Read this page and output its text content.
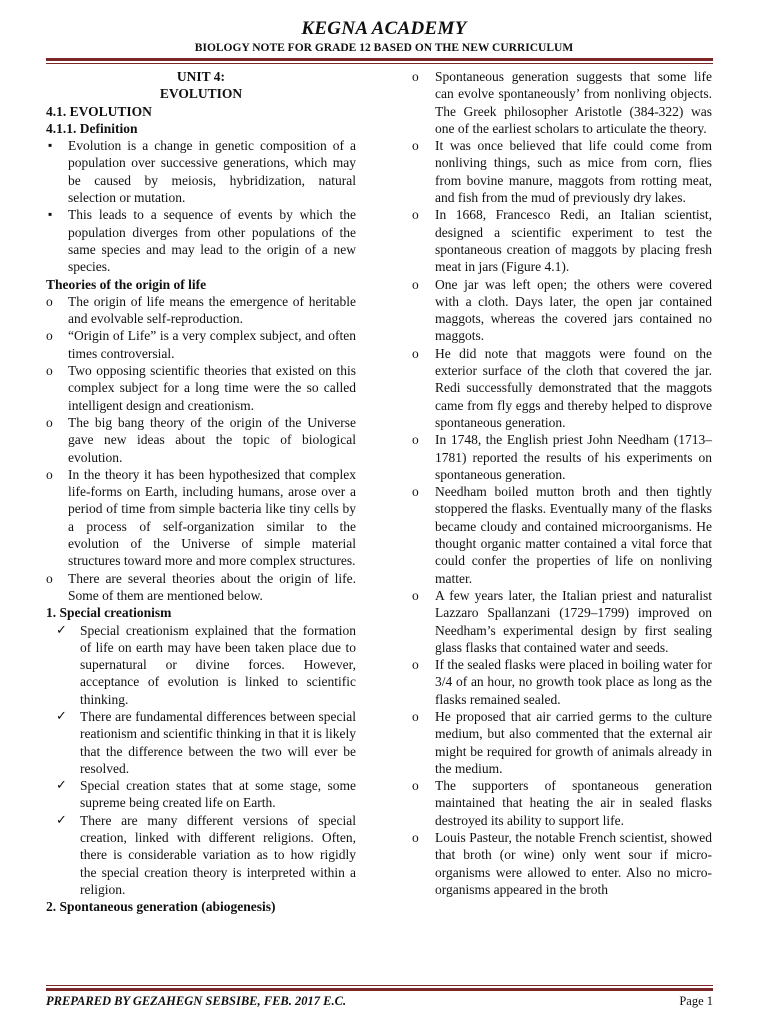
KEGNA ACADEMY
BIOLOGY NOTE FOR GRADE 12 BASED ON THE NEW CURRICULUM
UNIT 4:
EVOLUTION
4.1. EVOLUTION
4.1.1. Definition
▪ Evolution is a change in genetic composition of a population over successive generations, which may be caused by meiosis, hybridization, natural selection or mutation.
▪ This leads to a sequence of events by which the population diverges from other populations of the same species and may lead to the origin of a new species.
Theories of the origin of life
o The origin of life means the emergence of heritable and evolvable self-reproduction.
o “Origin of Life” is a very complex subject, and often times controversial.
o Two opposing scientific theories that existed on this complex subject for a long time were the so called intelligent design and creationism.
o The big bang theory of the origin of the Universe gave new ideas about the topic of biological evolution.
o In the theory it has been hypothesized that complex life-forms on Earth, including humans, arose over a period of time from simple bacteria like tiny cells by a process of self-organization similar to the evolution of the Universe of simple material structures toward more and more complex structures.
o There are several theories about the origin of life. Some of them are mentioned below.
1. Special creationism
✓ Special creationism explained that the formation of life on earth may have been taken place due to supernatural or divine forces. However, acceptance of evolution is linked to scientific thinking.
✓ There are fundamental differences between special reationism and scientific thinking in that it is likely that the difference between the two will ever be resolved.
✓ Special creation states that at some stage, some supreme being created life on Earth.
✓ There are many different versions of special creation, linked with different religions. Often, there is considerable variation as to how rigidly the special creation theory is interpreted within a religion.
2. Spontaneous generation (abiogenesis)
o Spontaneous generation suggests that some life can evolve spontaneously’ from nonliving objects. The Greek philosopher Aristotle (384-322) was one of the earliest scholars to articulate the theory.
o It was once believed that life could come from nonliving things, such as mice from corn, flies from bovine manure, maggots from rotting meat, and fish from the mud of previously dry lakes.
o In 1668, Francesco Redi, an Italian scientist, designed a scientific experiment to test the spontaneous creation of maggots by placing fresh meat in jars (Figure 4.1).
o One jar was left open; the others were covered with a cloth. Days later, the open jar contained maggots, whereas the covered jars contained no maggots.
o He did note that maggots were found on the exterior surface of the cloth that covered the jar. Redi successfully demonstrated that the maggots came from fly eggs and thereby helped to disprove spontaneous generation.
o In 1748, the English priest John Needham (1713–1781) reported the results of his experiments on spontaneous generation.
o Needham boiled mutton broth and then tightly stoppered the flasks. Eventually many of the flasks became cloudy and contained microorganisms. He thought organic matter contained a vital force that could confer the properties of life on nonliving matter.
o A few years later, the Italian priest and naturalist Lazzaro Spallanzani (1729–1799) improved on Needham’s experimental design by first sealing glass flasks that contained water and seeds.
o If the sealed flasks were placed in boiling water for 3/4 of an hour, no growth took place as long as the flasks remained sealed.
o He proposed that air carried germs to the culture medium, but also commented that the external air might be required for growth of animals already in the medium.
o The supporters of spontaneous generation maintained that heating the air in sealed flasks destroyed its ability to support life.
o Louis Pasteur, the notable French scientist, showed that broth (or wine) only went sour if micro-organisms were allowed to enter. Also no micro-organisms appeared in the broth
PREPARED BY GEZAHEGN SEBSIBE, FEB. 2017 E.C.	Page 1
